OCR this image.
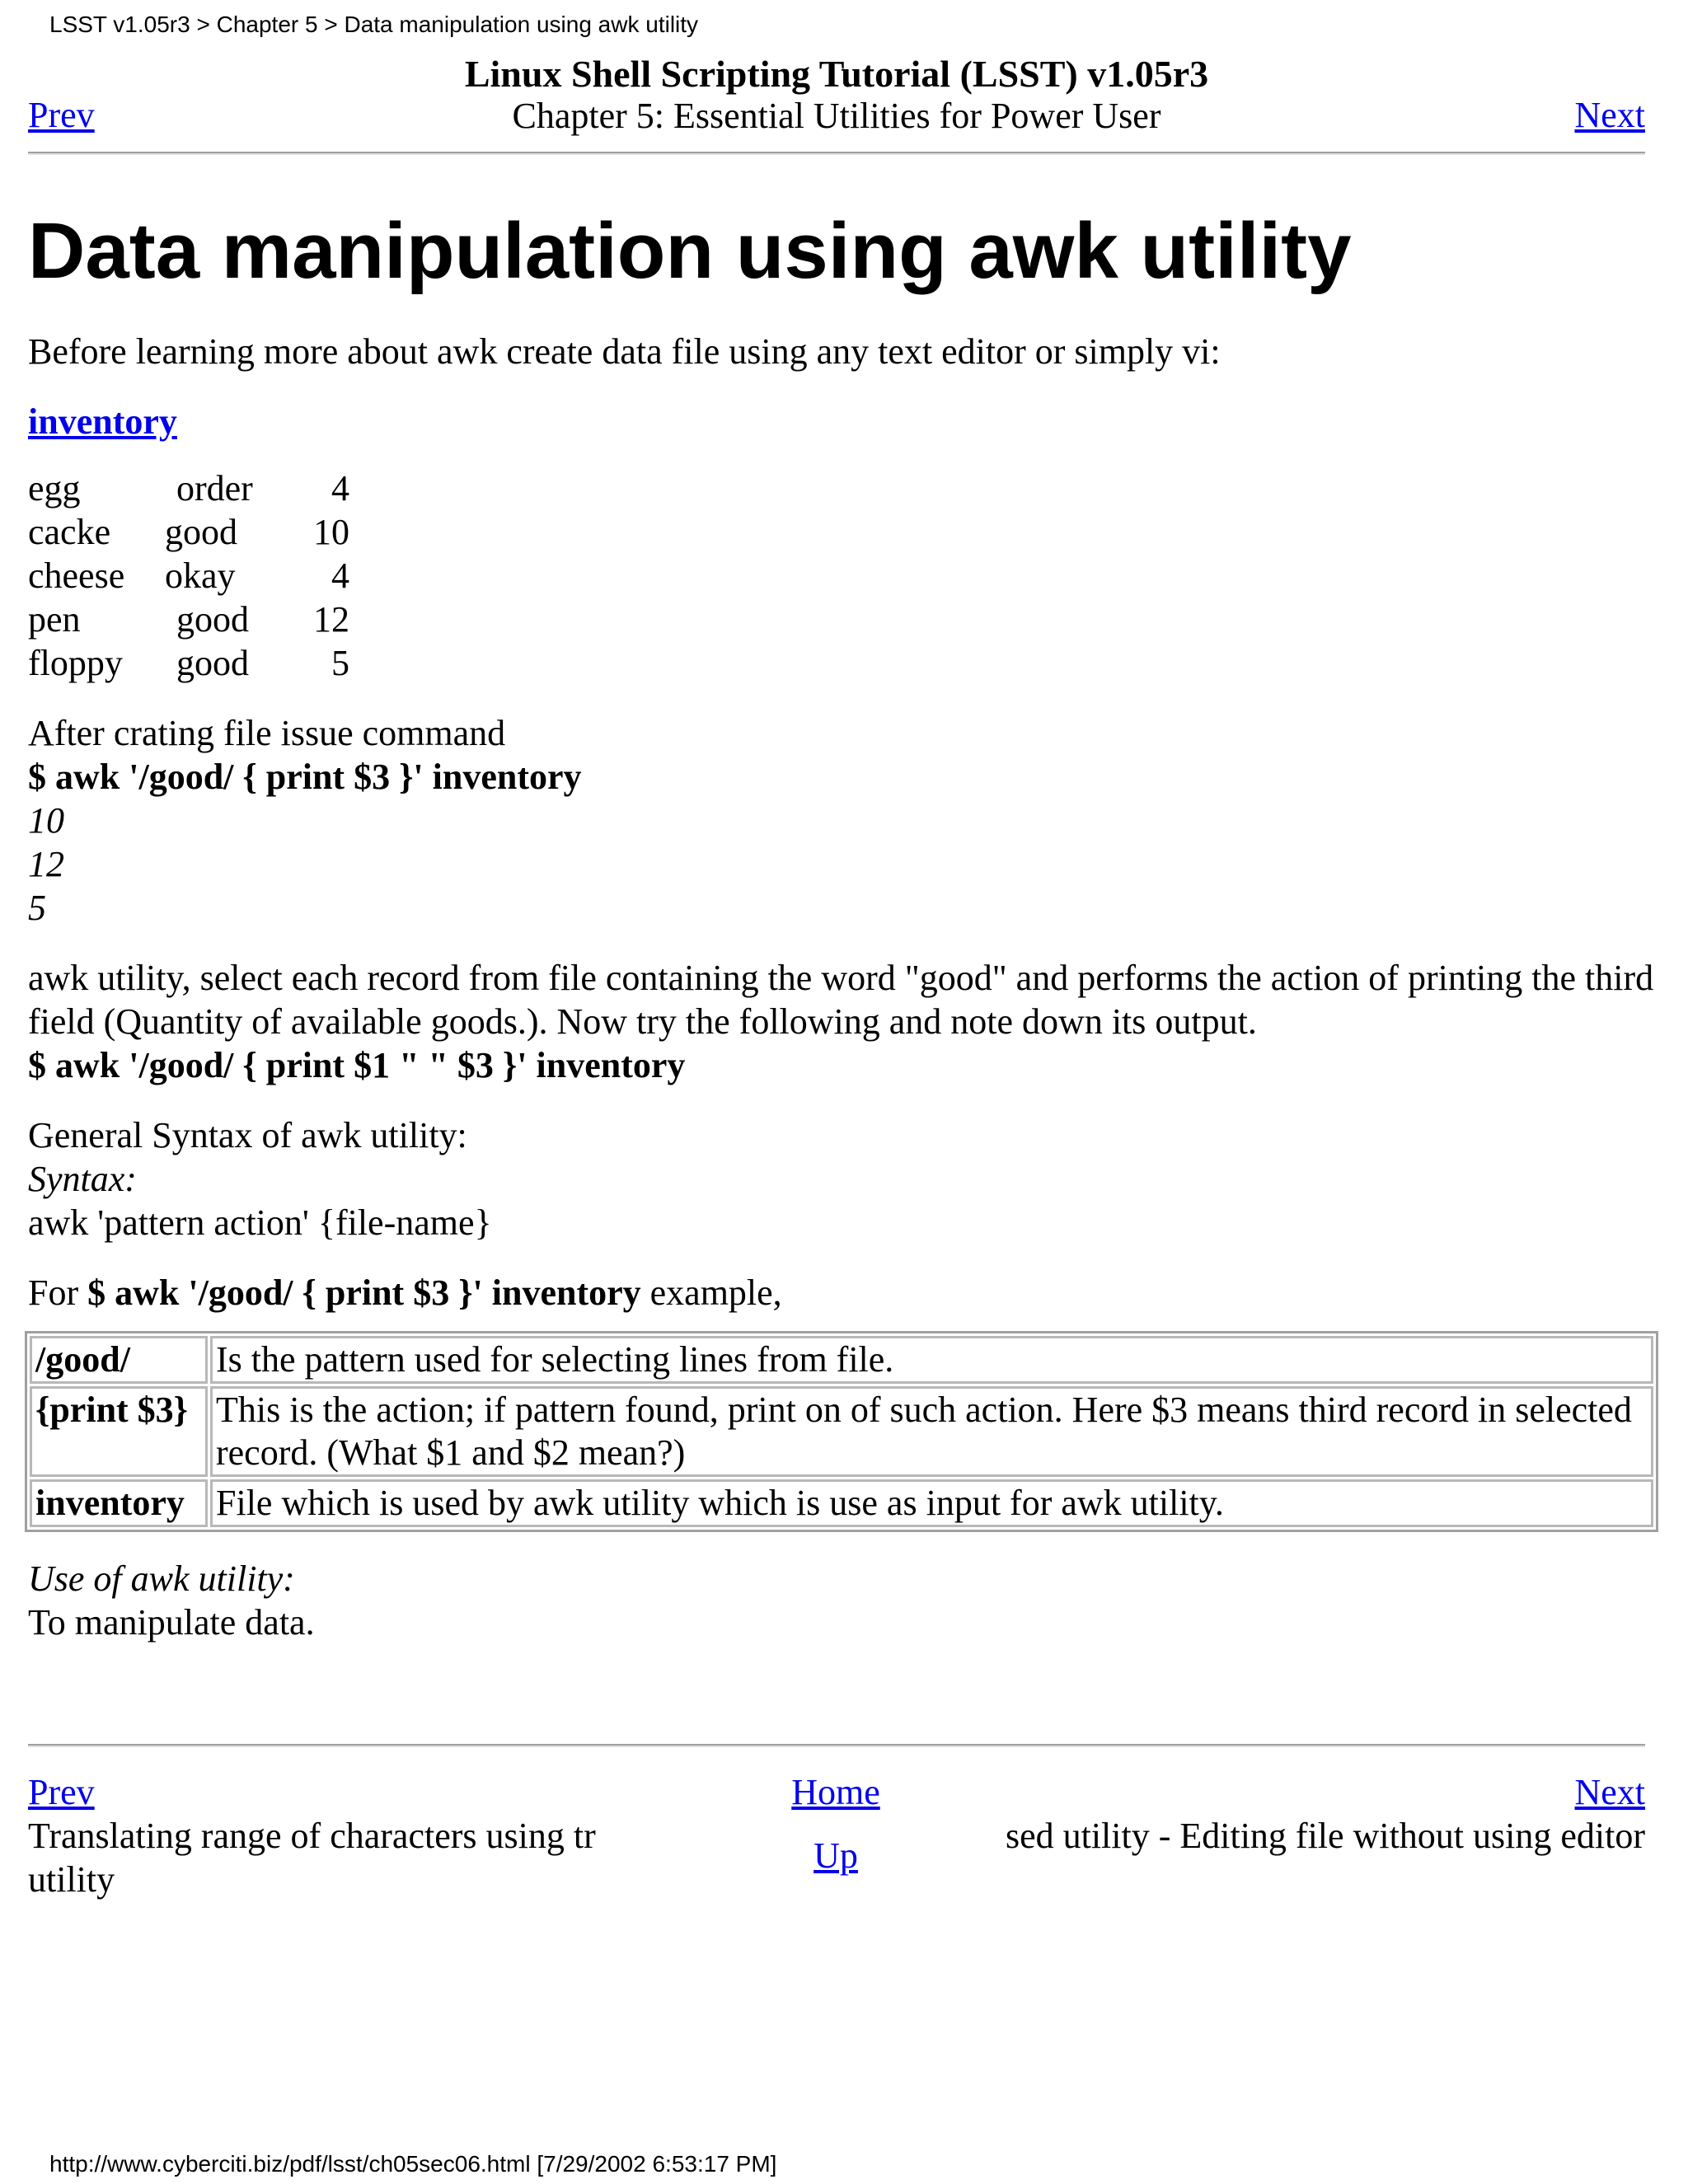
LSST v1.05r3 > Chapter 5 > Data manipulation using awk utility
Prev
Linux Shell Scripting Tutorial (LSST) v1.05r3
Chapter 5: Essential Utilities for Power User	Next
Data manipulation using awk utility

Before learning more about awk create data file using any text editor or simply vi:

inventory

egg	order	4
cacke	good	10
cheese	okay	4
pen	good	12
floppy	good	5

After crating file issue command
$ awk '/good/ { print $3 }' inventory
10
12
5

awk utility, select each record from file containing the word "good" and performs the action of printing the third field (Quantity of available goods.). Now try the following and note down its output.
$ awk '/good/ { print $1 " " $3 }' inventory

General Syntax of awk utility:
Syntax:
awk 'pattern action' {file-name}

For $ awk '/good/ { print $3 }' inventory example,

/good/	Is the pattern used for selecting lines from file.
{print $3}	This is the action; if pattern found, print on of such action. Here $3 means third record in selected record. (What $1 and $2 mean?)
inventory	File which is used by awk utility which is use as input for awk utility.

Use of awk utility:
To manipulate data.

Prev
Translating range of characters using tr utility
Home

Up
Next
sed utility - Editing file without using editor
http://www.cyberciti.biz/pdf/lsst/ch05sec06.html [7/29/2002 6:53:17 PM]
